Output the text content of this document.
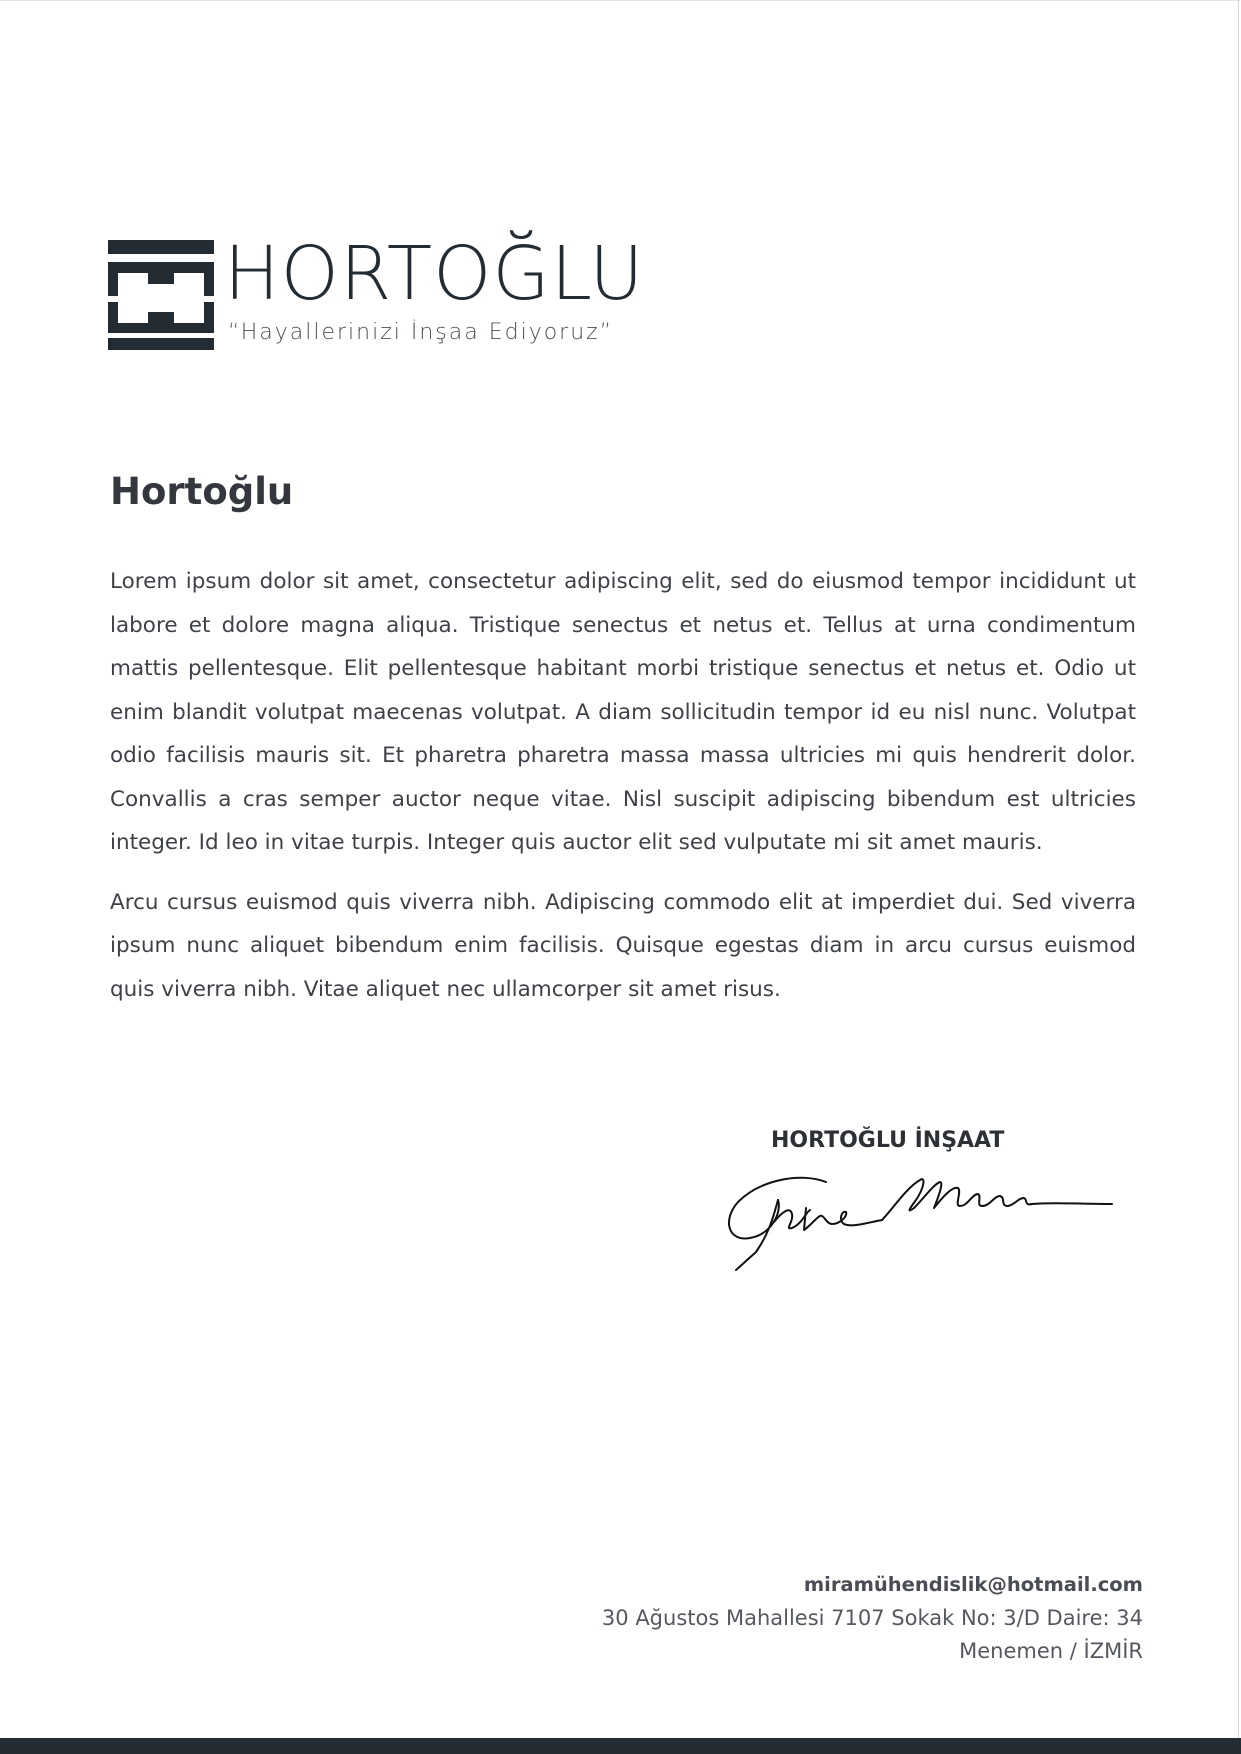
HORTOĞLU
“Hayallerinizi İnşaa Ediyoruz”
Hortoğlu

Lorem ipsum dolor sit amet, consectetur adipiscing elit, sed do eiusmod tempor incididunt ut labore et dolore magna aliqua. Tristique senectus et netus et. Tellus at urna condimentum mattis pellentesque. Elit pellentesque habitant morbi tristique senectus et netus et. Odio ut enim blandit volutpat maecenas volutpat. A diam sollicitudin tempor id eu nisl nunc. Volutpat odio facilisis mauris sit. Et pharetra pharetra massa massa ultricies mi quis hendrerit dolor. Convallis a cras semper auctor neque vitae. Nisl suscipit adipiscing bibendum est ultricies integer. Id leo in vitae turpis. Integer quis auctor elit sed vulputate mi sit amet mauris.

Arcu cursus euismod quis viverra nibh. Adipiscing commodo elit at imperdiet dui. Sed viverra ipsum nunc aliquet bibendum enim facilisis. Quisque egestas diam in arcu cursus euismod quis viverra nibh. Vitae aliquet nec ullamcorper sit amet risus.

HORTOĞLU İNŞAAT
miramühendislik@hotmail.com
30 Ağustos Mahallesi 7107 Sokak No: 3/D Daire: 34
Menemen / İZMİR
